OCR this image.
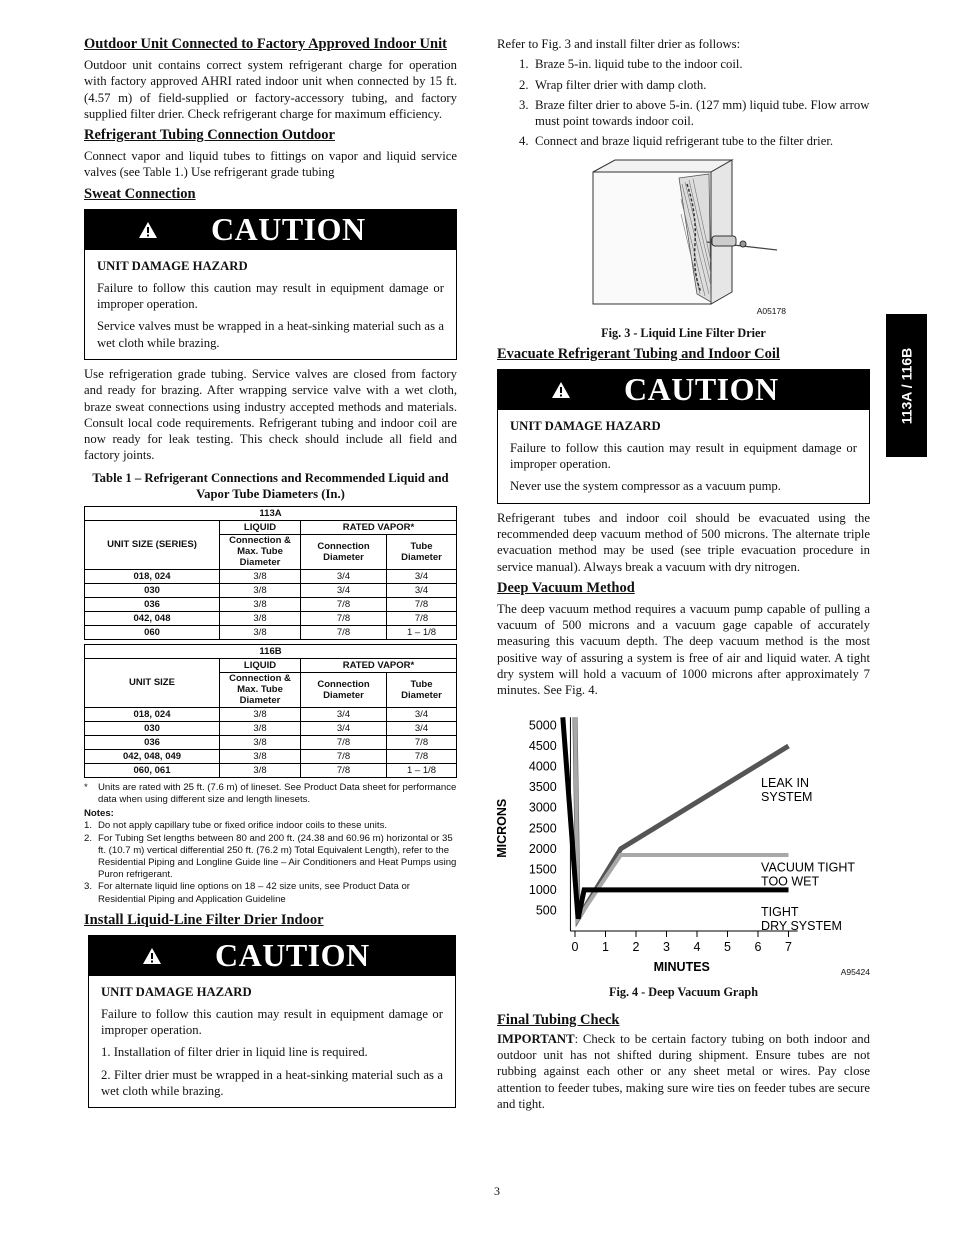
113A / 116B
Outdoor Unit Connected to Factory Approved Indoor Unit

Outdoor unit contains correct system refrigerant charge for operation with factory approved AHRI rated indoor unit when connected by 15 ft. (4.57 m) of field-supplied or factory-accessory tubing, and factory supplied filter drier. Check refrigerant charge for maximum efficiency.

Refrigerant Tubing Connection Outdoor

Connect vapor and liquid tubes to fittings on vapor and liquid service valves (see Table 1.) Use refrigerant grade tubing

Sweat Connection
CAUTION
UNIT DAMAGE HAZARD

Failure to follow this caution may result in equipment damage or improper operation.

Service valves must be wrapped in a heat-sinking material such as a wet cloth while brazing.

Use refrigeration grade tubing. Service valves are closed from factory and ready for brazing. After wrapping service valve with a wet cloth, braze sweat connections using industry accepted methods and materials. Consult local code requirements. Refrigerant tubing and indoor coil are now ready for leak testing. This check should include all field and factory joints.

Table 1 – Refrigerant Connections and Recommended Liquid and Vapor Tube Diameters (In.)
113A			
UNIT SIZE (SERIES)	LIQUID	RATED VAPOR*	
	Connection & Max. Tube Diameter	Connection Diameter	Tube Diameter
018, 024	3/8	3/4	3/4
030	3/8	3/4	3/4
036	3/8	7/8	7/8
042, 048	3/8	7/8	7/8
060	3/8	7/8	1 – 1/8
116B			
UNIT SIZE	LIQUID	RATED VAPOR*	
	Connection & Max. Tube Diameter	Connection Diameter	Tube Diameter
018, 024	3/8	3/4	3/4
030	3/8	3/4	3/4
036	3/8	7/8	7/8
042, 048, 049	3/8	7/8	7/8
060, 061	3/8	7/8	1 – 1/8
*	Units are rated with 25 ft. (7.6 m) of lineset. See Product Data sheet for performance data when using different size and length linesets.
Notes:
1. Do not apply capillary tube or fixed orifice indoor coils to these units.
2. For Tubing Set lengths between 80 and 200 ft. (24.38 and 60.96 m) horizontal or 35 ft. (10.7 m) vertical differential 250 ft. (76.2 m) Total Equivalent Length), refer to the Residential Piping and Longline Guide line – Air Conditioners and Heat Pumps using Puron refrigerant.
3. For alternate liquid line options on 18 – 42 size units, see Product Data or Residential Piping and Application Guideline
Install Liquid-Line Filter Drier Indoor
CAUTION
UNIT DAMAGE HAZARD

Failure to follow this caution may result in equipment damage or improper operation.

1. Installation of filter drier in liquid line is required.

2. Filter drier must be wrapped in a heat-sinking material such as a wet cloth while brazing.

Refer to Fig. 3 and install filter drier as follows:

1. Braze 5-in. liquid tube to the indoor coil.
2. Wrap filter drier with damp cloth.
3. Braze filter drier to above 5-in. (127 mm) liquid tube. Flow arrow must point towards indoor coil.
4. Connect and braze liquid refrigerant tube to the filter drier.
A05178
Fig. 3 - Liquid Line Filter Drier
Evacuate Refrigerant Tubing and Indoor Coil
CAUTION
UNIT DAMAGE HAZARD

Failure to follow this caution may result in equipment damage or improper operation.

Never use the system compressor as a vacuum pump.

Refrigerant tubes and indoor coil should be evacuated using the recommended deep vacuum method of 500 microns. The alternate triple evacuation method may be used (see triple evacuation procedure in service manual). Always break a vacuum with dry nitrogen.

Deep Vacuum Method

The deep vacuum method requires a vacuum pump capable of pulling a vacuum of 500 microns and a vacuum gage capable of accurately measuring this vacuum depth. The deep vacuum method is the most positive way of assuring a system is free of air and liquid water. A tight dry system will hold a vacuum of 1000 microns after approximately 7 minutes. See Fig. 4.

500
1000
1500
2000
2500
3000
3500
4000
4500
5000
0 1 2 3 4 5 6 7
MINUTES
MICRONS
LEAK IN
SYSTEM
VACUUM TIGHT
TOO WET
TIGHT
DRY SYSTEM
A95424
Fig. 4 - Deep Vacuum Graph
Final Tubing Check

IMPORTANT: Check to be certain factory tubing on both indoor and outdoor unit has not shifted during shipment. Ensure tubes are not rubbing against each other or any sheet metal or wires. Pay close attention to feeder tubes, making sure wire ties on feeder tubes are secure and tight.

3
